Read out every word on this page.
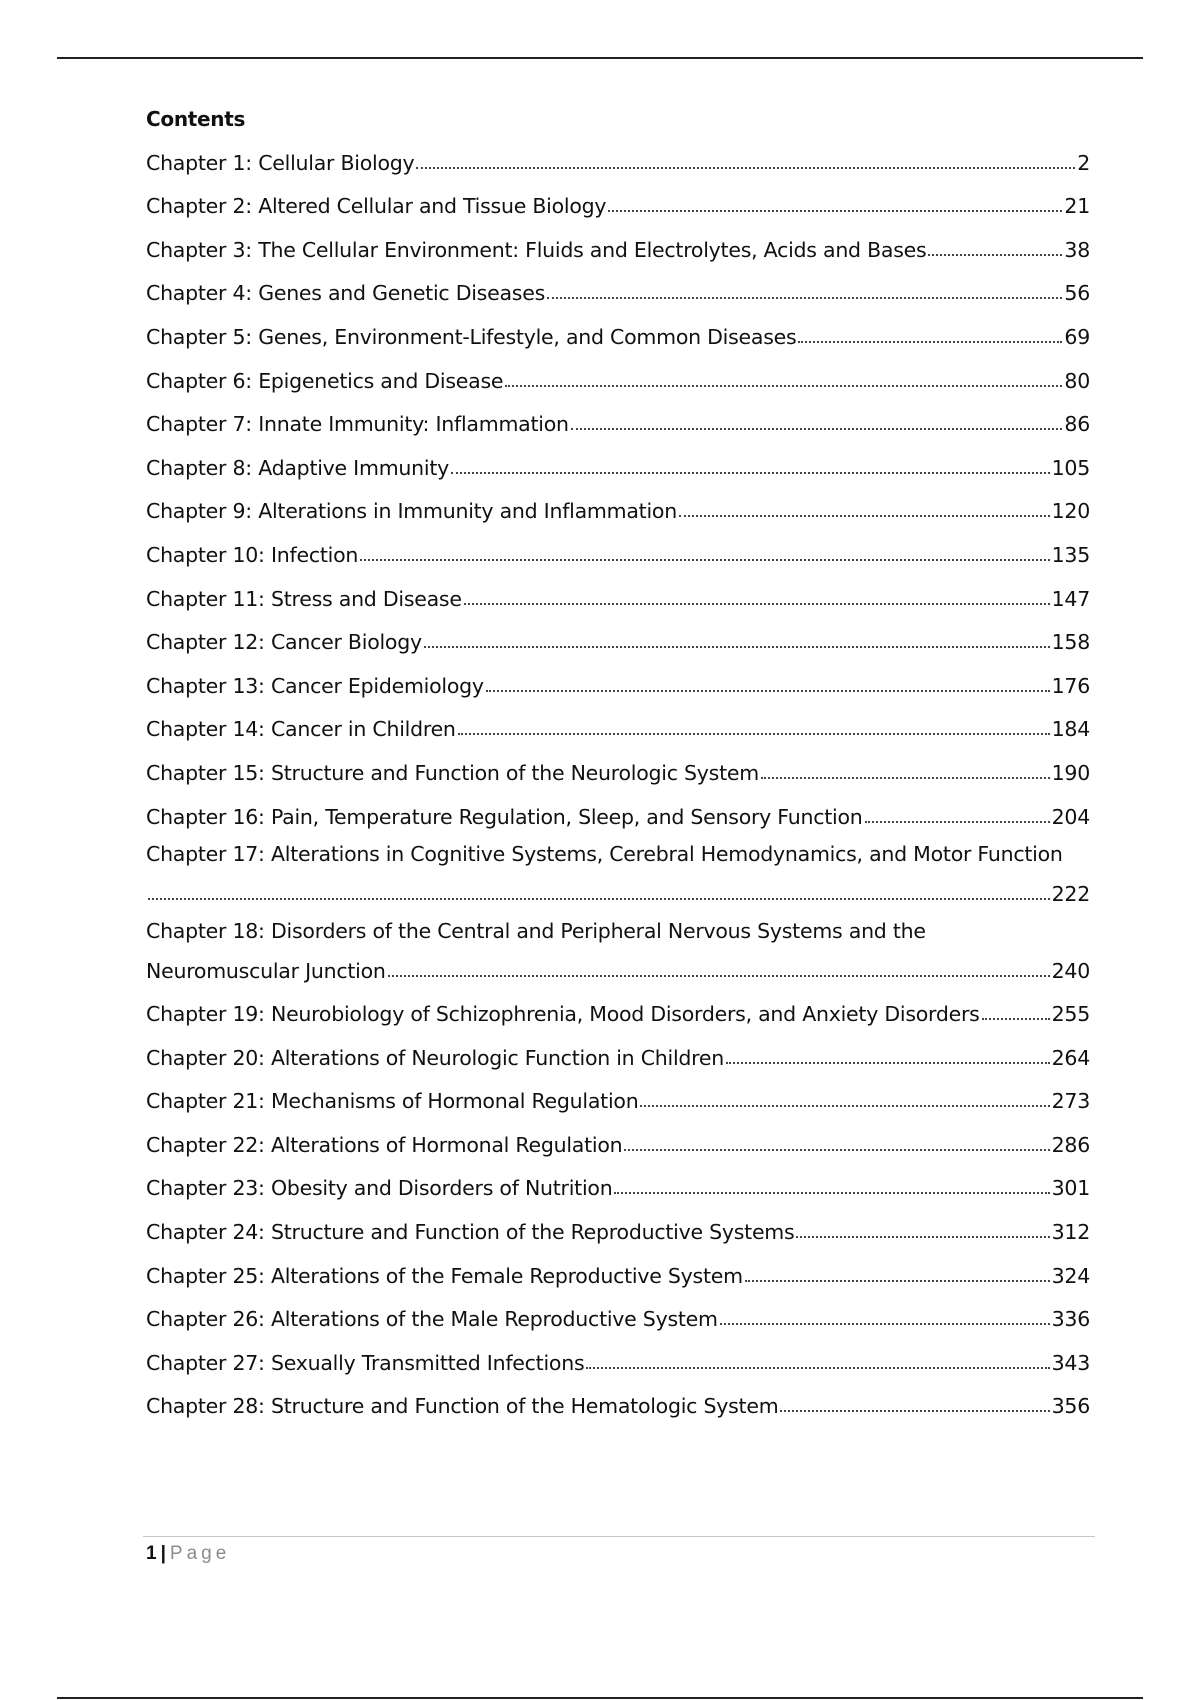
Contents
Chapter 1: Cellular Biology	2
Chapter 2: Altered Cellular and Tissue Biology	21
Chapter 3: The Cellular Environment: Fluids and Electrolytes, Acids and Bases	38
Chapter 4: Genes and Genetic Diseases	56
Chapter 5: Genes, Environment-Lifestyle, and Common Diseases	69
Chapter 6: Epigenetics and Disease	80
Chapter 7: Innate Immunity: Inflammation	86
Chapter 8: Adaptive Immunity	105
Chapter 9: Alterations in Immunity and Inflammation	120
Chapter 10: Infection	135
Chapter 11: Stress and Disease	147
Chapter 12: Cancer Biology	158
Chapter 13: Cancer Epidemiology	176
Chapter 14: Cancer in Children	184
Chapter 15: Structure and Function of the Neurologic System	190
Chapter 16: Pain, Temperature Regulation, Sleep, and Sensory Function	204
Chapter 17: Alterations in Cognitive Systems, Cerebral Hemodynamics, and Motor Function
222
Chapter 18: Disorders of the Central and Peripheral Nervous Systems and the
Neuromuscular Junction	240
Chapter 19: Neurobiology of Schizophrenia, Mood Disorders, and Anxiety Disorders	255
Chapter 20: Alterations of Neurologic Function in Children	264
Chapter 21: Mechanisms of Hormonal Regulation	273
Chapter 22: Alterations of Hormonal Regulation	286
Chapter 23: Obesity and Disorders of Nutrition	301
Chapter 24: Structure and Function of the Reproductive Systems	312
Chapter 25: Alterations of the Female Reproductive System	324
Chapter 26: Alterations of the Male Reproductive System	336
Chapter 27: Sexually Transmitted Infections	343
Chapter 28: Structure and Function of the Hematologic System	356
1 | Page
